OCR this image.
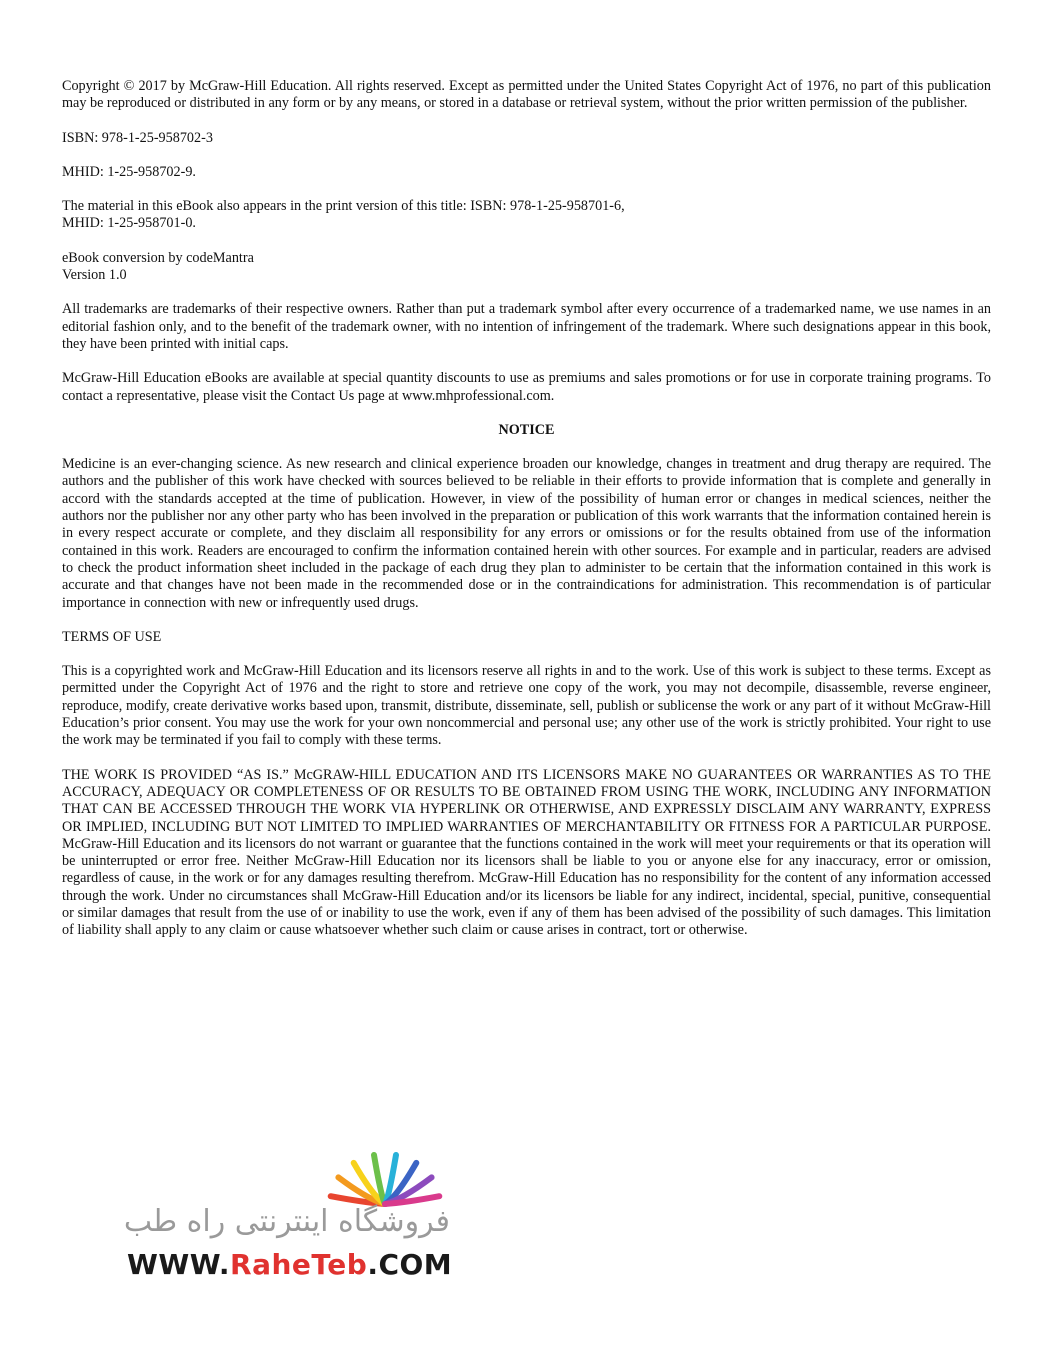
Copyright © 2017 by McGraw-Hill Education. All rights reserved. Except as permitted under the United States Copyright Act of 1976, no part of this publication may be reproduced or distributed in any form or by any means, or stored in a database or retrieval system, without the prior written permission of the publisher.

ISBN: 978-1-25-958702-3

MHID: 1-25-958702-9.

The material in this eBook also appears in the print version of this title: ISBN: 978-1-25-958701-6,
MHID: 1-25-958701-0.

eBook conversion by codeMantra
Version 1.0

All trademarks are trademarks of their respective owners. Rather than put a trademark symbol after every occurrence of a trademarked name, we use names in an editorial fashion only, and to the benefit of the trademark owner, with no intention of infringement of the trademark. Where such designations appear in this book, they have been printed with initial caps.

McGraw-Hill Education eBooks are available at special quantity discounts to use as premiums and sales promotions or for use in corporate training programs. To contact a representative, please visit the Contact Us page at www.mhprofessional.com.

NOTICE

Medicine is an ever-changing science. As new research and clinical experience broaden our knowledge, changes in treatment and drug therapy are required. The authors and the publisher of this work have checked with sources believed to be reliable in their efforts to provide information that is complete and generally in accord with the standards accepted at the time of publication. However, in view of the possibility of human error or changes in medical sciences, neither the authors nor the publisher nor any other party who has been involved in the preparation or publication of this work warrants that the information contained herein is in every respect accurate or complete, and they disclaim all responsibility for any errors or omissions or for the results obtained from use of the information contained in this work. Readers are encouraged to confirm the information contained herein with other sources. For example and in particular, readers are advised to check the product information sheet included in the package of each drug they plan to administer to be certain that the information contained in this work is accurate and that changes have not been made in the recommended dose or in the contraindications for administration. This recommendation is of particular importance in connection with new or infrequently used drugs.

TERMS OF USE

This is a copyrighted work and McGraw-Hill Education and its licensors reserve all rights in and to the work. Use of this work is subject to these terms. Except as permitted under the Copyright Act of 1976 and the right to store and retrieve one copy of the work, you may not decompile, disassemble, reverse engineer, reproduce, modify, create derivative works based upon, transmit, distribute, disseminate, sell, publish or sublicense the work or any part of it without McGraw-Hill Education’s prior consent. You may use the work for your own noncommercial and personal use; any other use of the work is strictly prohibited. Your right to use the work may be terminated if you fail to comply with these terms.

THE WORK IS PROVIDED “AS IS.” McGRAW-HILL EDUCATION AND ITS LICENSORS MAKE NO GUARANTEES OR WARRANTIES AS TO THE ACCURACY, ADEQUACY OR COMPLETENESS OF OR RESULTS TO BE OBTAINED FROM USING THE WORK, INCLUDING ANY INFORMATION THAT CAN BE ACCESSED THROUGH THE WORK VIA HYPERLINK OR OTHERWISE, AND EXPRESSLY DISCLAIM ANY WARRANTY, EXPRESS OR IMPLIED, INCLUDING BUT NOT LIMITED TO IMPLIED WARRANTIES OF MERCHANTABILITY OR FITNESS FOR A PARTICULAR PURPOSE. McGraw-Hill Education and its licensors do not warrant or guarantee that the functions contained in the work will meet your requirements or that its operation will be uninterrupted or error free. Neither McGraw-Hill Education nor its licensors shall be liable to you or anyone else for any inaccuracy, error or omission, regardless of cause, in the work or for any damages resulting therefrom. McGraw-Hill Education has no responsibility for the content of any information accessed through the work. Under no circumstances shall McGraw-Hill Education and/or its licensors be liable for any indirect, incidental, special, punitive, consequential or similar damages that result from the use of or inability to use the work, even if any of them has been advised of the possibility of such damages. This limitation of liability shall apply to any claim or cause whatsoever whether such claim or cause arises in contract, tort or otherwise.

فروشگاه اینترنتی راه طب
WWW.RaheTeb.COM
